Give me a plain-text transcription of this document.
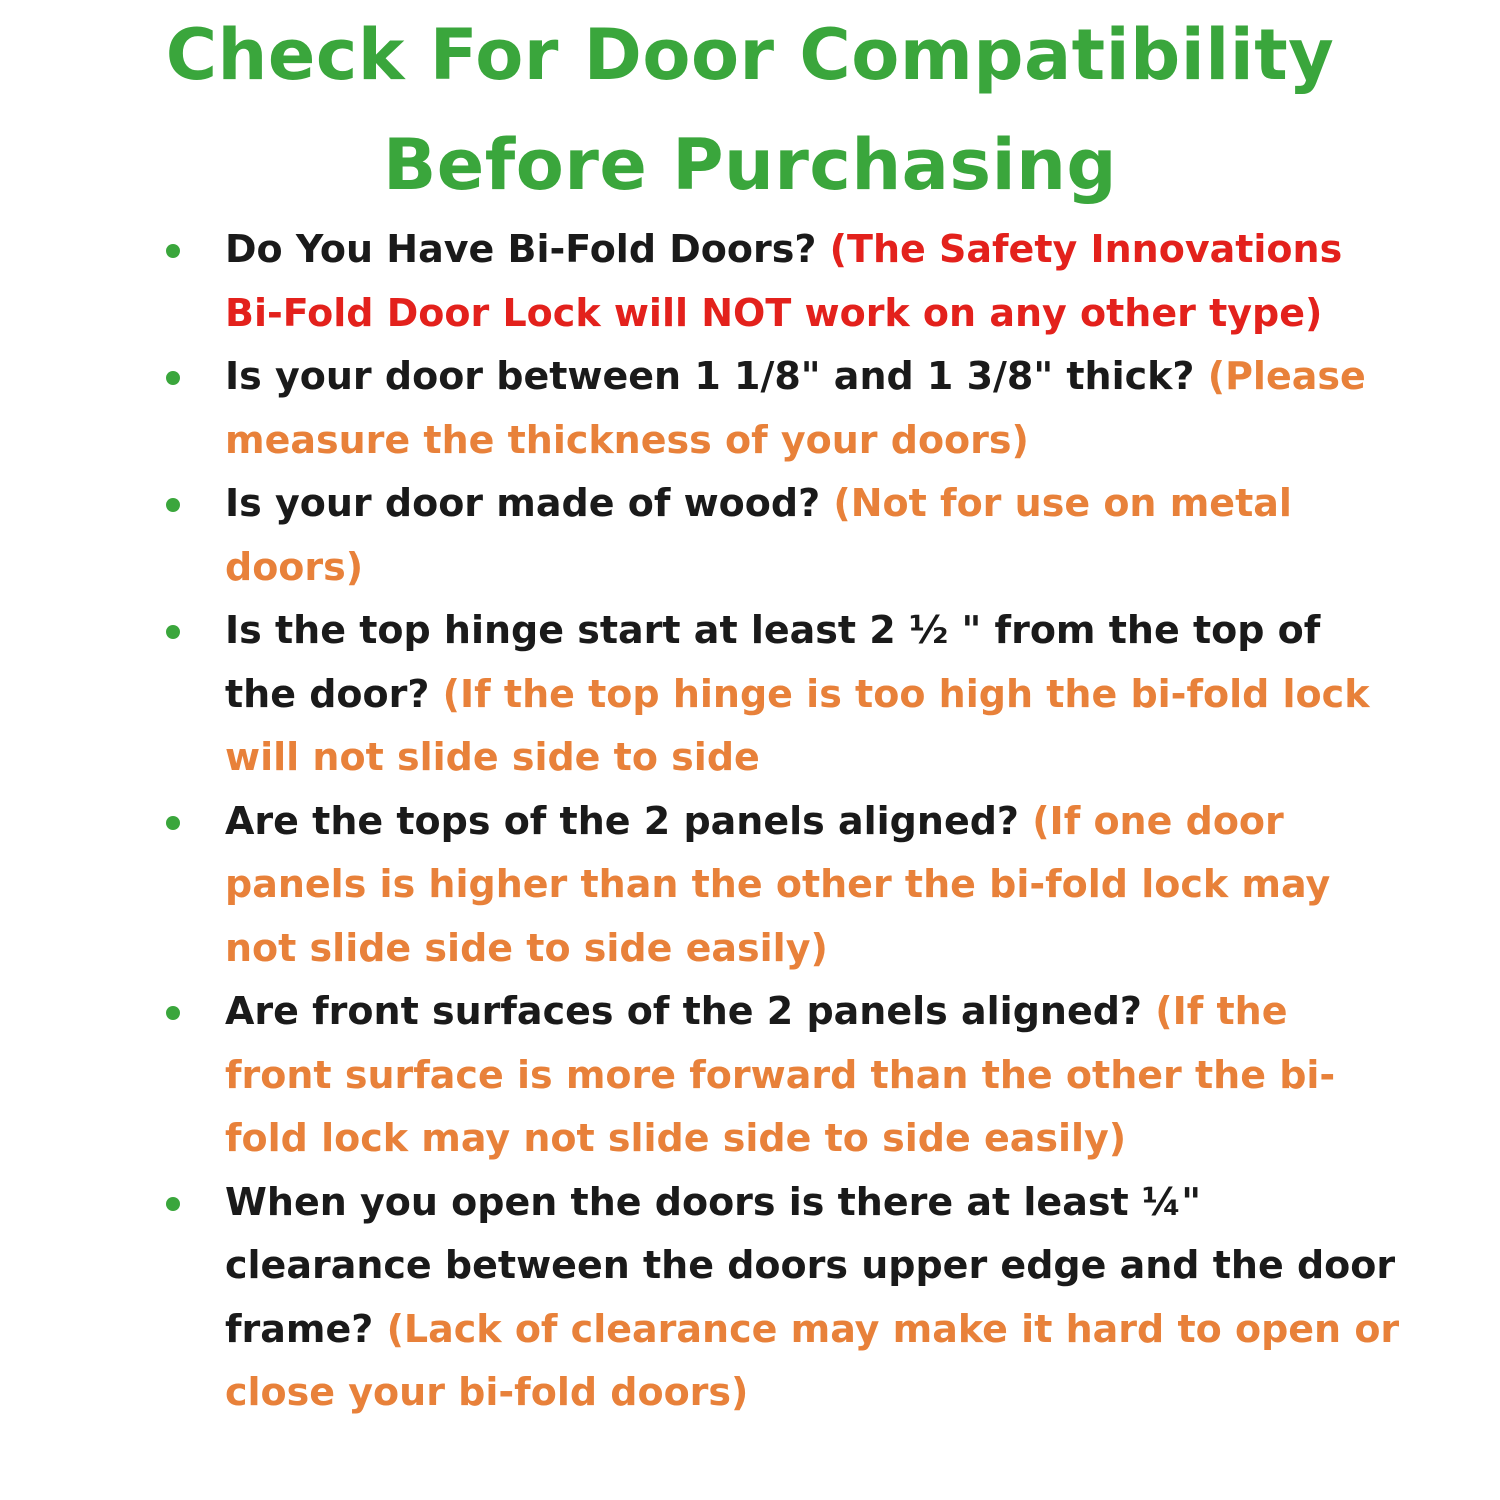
Check For Door Compatibility
Before Purchasing
Do You Have Bi-Fold Doors? (The Safety Innovations Bi-Fold Door Lock will NOT work on any other type)
Is your door between 1 1/8" and 1 3/8" thick? (Please measure the thickness of your doors)
Is your door made of wood? (Not for use on metal doors)
Is the top hinge start at least 2 ½ " from the top of the door? (If the top hinge is too high the bi-fold lock will not slide side to side
Are the tops of the 2 panels aligned? (If one door panels is higher than the other the bi-fold lock may not slide side to side easily)
Are front surfaces of the 2 panels aligned? (If the front surface is more forward than the other the bi-fold lock may not slide side to side easily)
When you open the doors is there at least ¼" clearance between the doors upper edge and the door frame? (Lack of clearance may make it hard to open or close your bi-fold doors)
